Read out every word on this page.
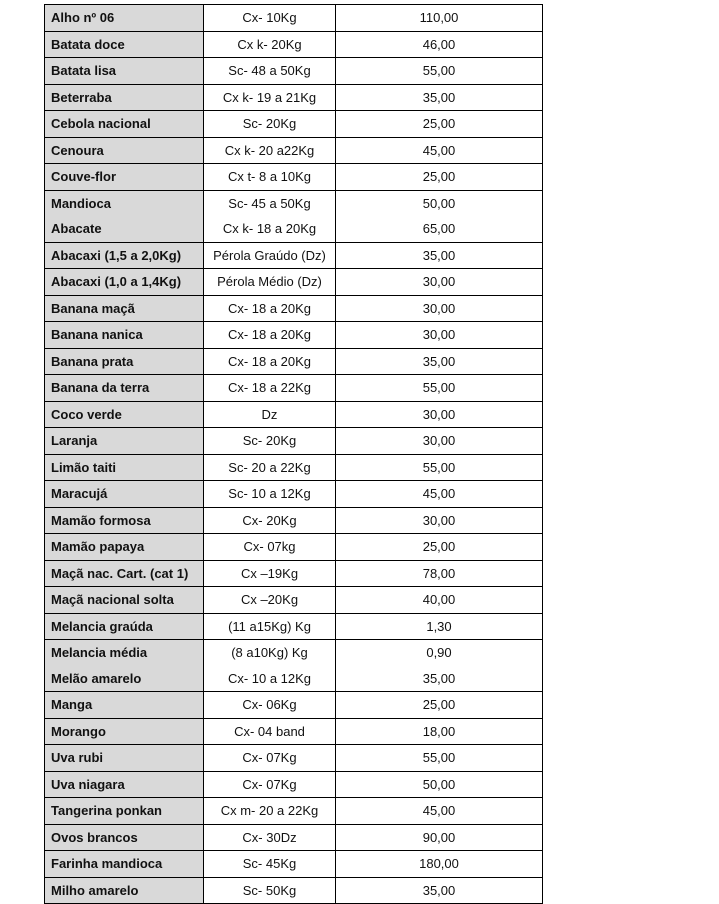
Alho nº 06	Cx- 10Kg	110,00
Batata doce	Cx k- 20Kg	46,00
Batata lisa	Sc- 48 a 50Kg	55,00
Beterraba	Cx k- 19 a 21Kg	35,00
Cebola nacional	Sc- 20Kg	25,00
Cenoura	Cx k- 20 a22Kg	45,00
Couve-flor	Cx t- 8 a 10Kg	25,00
Mandioca	Sc- 45 a 50Kg	50,00
Abacate	Cx k- 18 a 20Kg	65,00
Abacaxi (1,5 a 2,0Kg)	Pérola Graúdo (Dz)	35,00
Abacaxi (1,0 a 1,4Kg)	Pérola Médio (Dz)	30,00
Banana maçã	Cx- 18 a 20Kg	30,00
Banana nanica	Cx- 18 a 20Kg	30,00
Banana prata	Cx- 18 a 20Kg	35,00
Banana da terra	Cx- 18 a 22Kg	55,00
Coco verde	Dz	30,00
Laranja	Sc- 20Kg	30,00
Limão taiti	Sc- 20 a 22Kg	55,00
Maracujá	Sc- 10 a 12Kg	45,00
Mamão formosa	Cx- 20Kg	30,00
Mamão papaya	Cx- 07kg	25,00
Maçã nac. Cart. (cat 1)	Cx –19Kg	78,00
Maçã nacional solta	Cx –20Kg	40,00
Melancia graúda	(11 a15Kg) Kg	1,30
Melancia média	(8 a10Kg) Kg	0,90
Melão amarelo	Cx- 10 a 12Kg	35,00
Manga	Cx- 06Kg	25,00
Morango	Cx- 04 band	18,00
Uva rubi	Cx- 07Kg	55,00
Uva niagara	Cx- 07Kg	50,00
Tangerina ponkan	Cx m- 20 a 22Kg	45,00
Ovos brancos	Cx- 30Dz	90,00
Farinha mandioca	Sc- 45Kg	180,00
Milho amarelo	Sc- 50Kg	35,00
